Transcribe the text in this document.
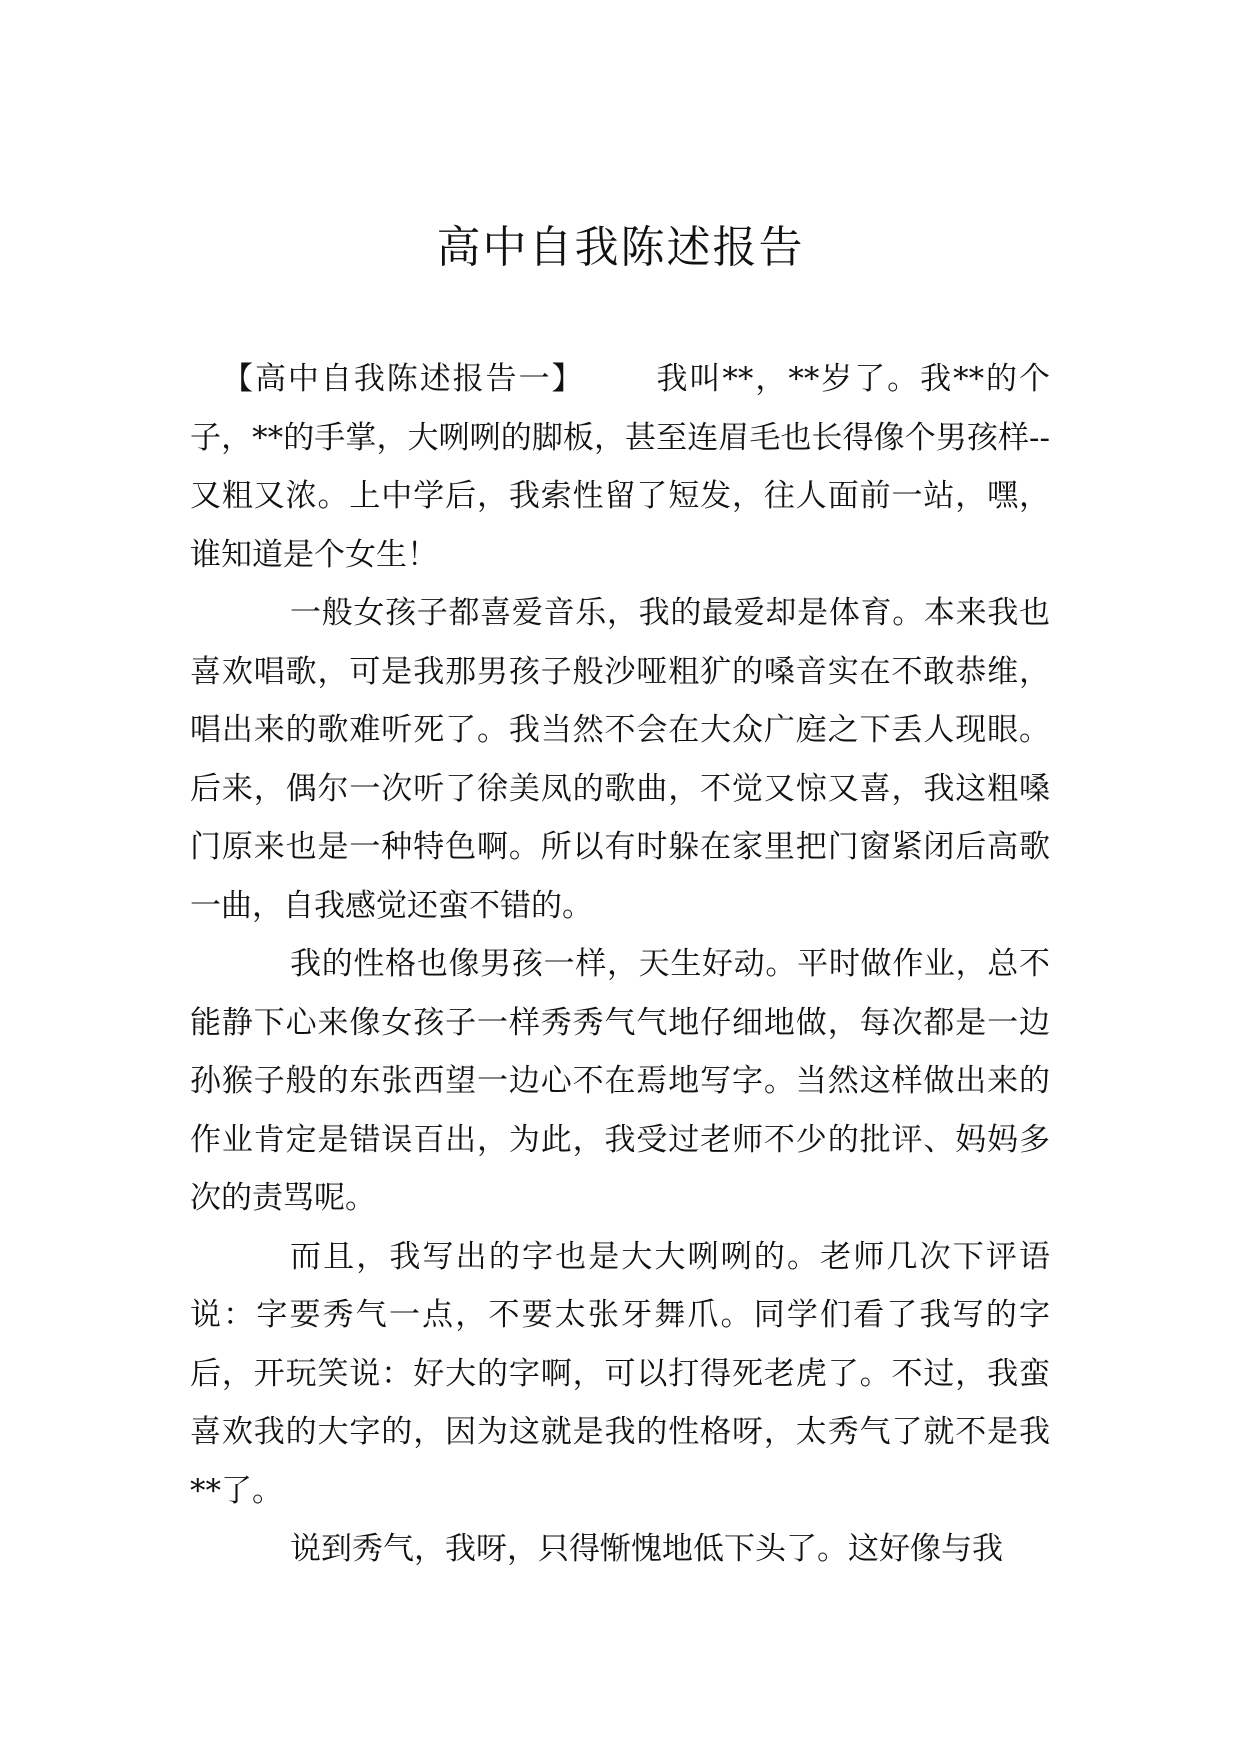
高中自我陈述报告

【高中自我陈述报告一】 我叫**，**岁了。我**的个子，**的手掌，大咧咧的脚板，甚至连眉毛也长得像个男孩样--又粗又浓。上中学后，我索性留了短发，往人面前一站，嘿，谁知道是个女生！

一般女孩子都喜爱音乐，我的最爱却是体育。本来我也喜欢唱歌，可是我那男孩子般沙哑粗犷的嗓音实在不敢恭维，唱出来的歌难听死了。我当然不会在大众广庭之下丢人现眼。后来，偶尔一次听了徐美凤的歌曲，不觉又惊又喜，我这粗嗓门原来也是一种特色啊。所以有时躲在家里把门窗紧闭后高歌一曲，自我感觉还蛮不错的。

我的性格也像男孩一样，天生好动。平时做作业，总不能静下心来像女孩子一样秀秀气气地仔细地做，每次都是一边孙猴子般的东张西望一边心不在焉地写字。当然这样做出来的作业肯定是错误百出，为此，我受过老师不少的批评、妈妈多次的责骂呢。

而且，我写出的字也是大大咧咧的。老师几次下评语说：字要秀气一点，不要太张牙舞爪。同学们看了我写的字后，开玩笑说：好大的字啊，可以打得死老虎了。不过，我蛮喜欢我的大字的，因为这就是我的性格呀，太秀气了就不是我**了。

说到秀气，我呀，只得惭愧地低下头了。这好像与我
